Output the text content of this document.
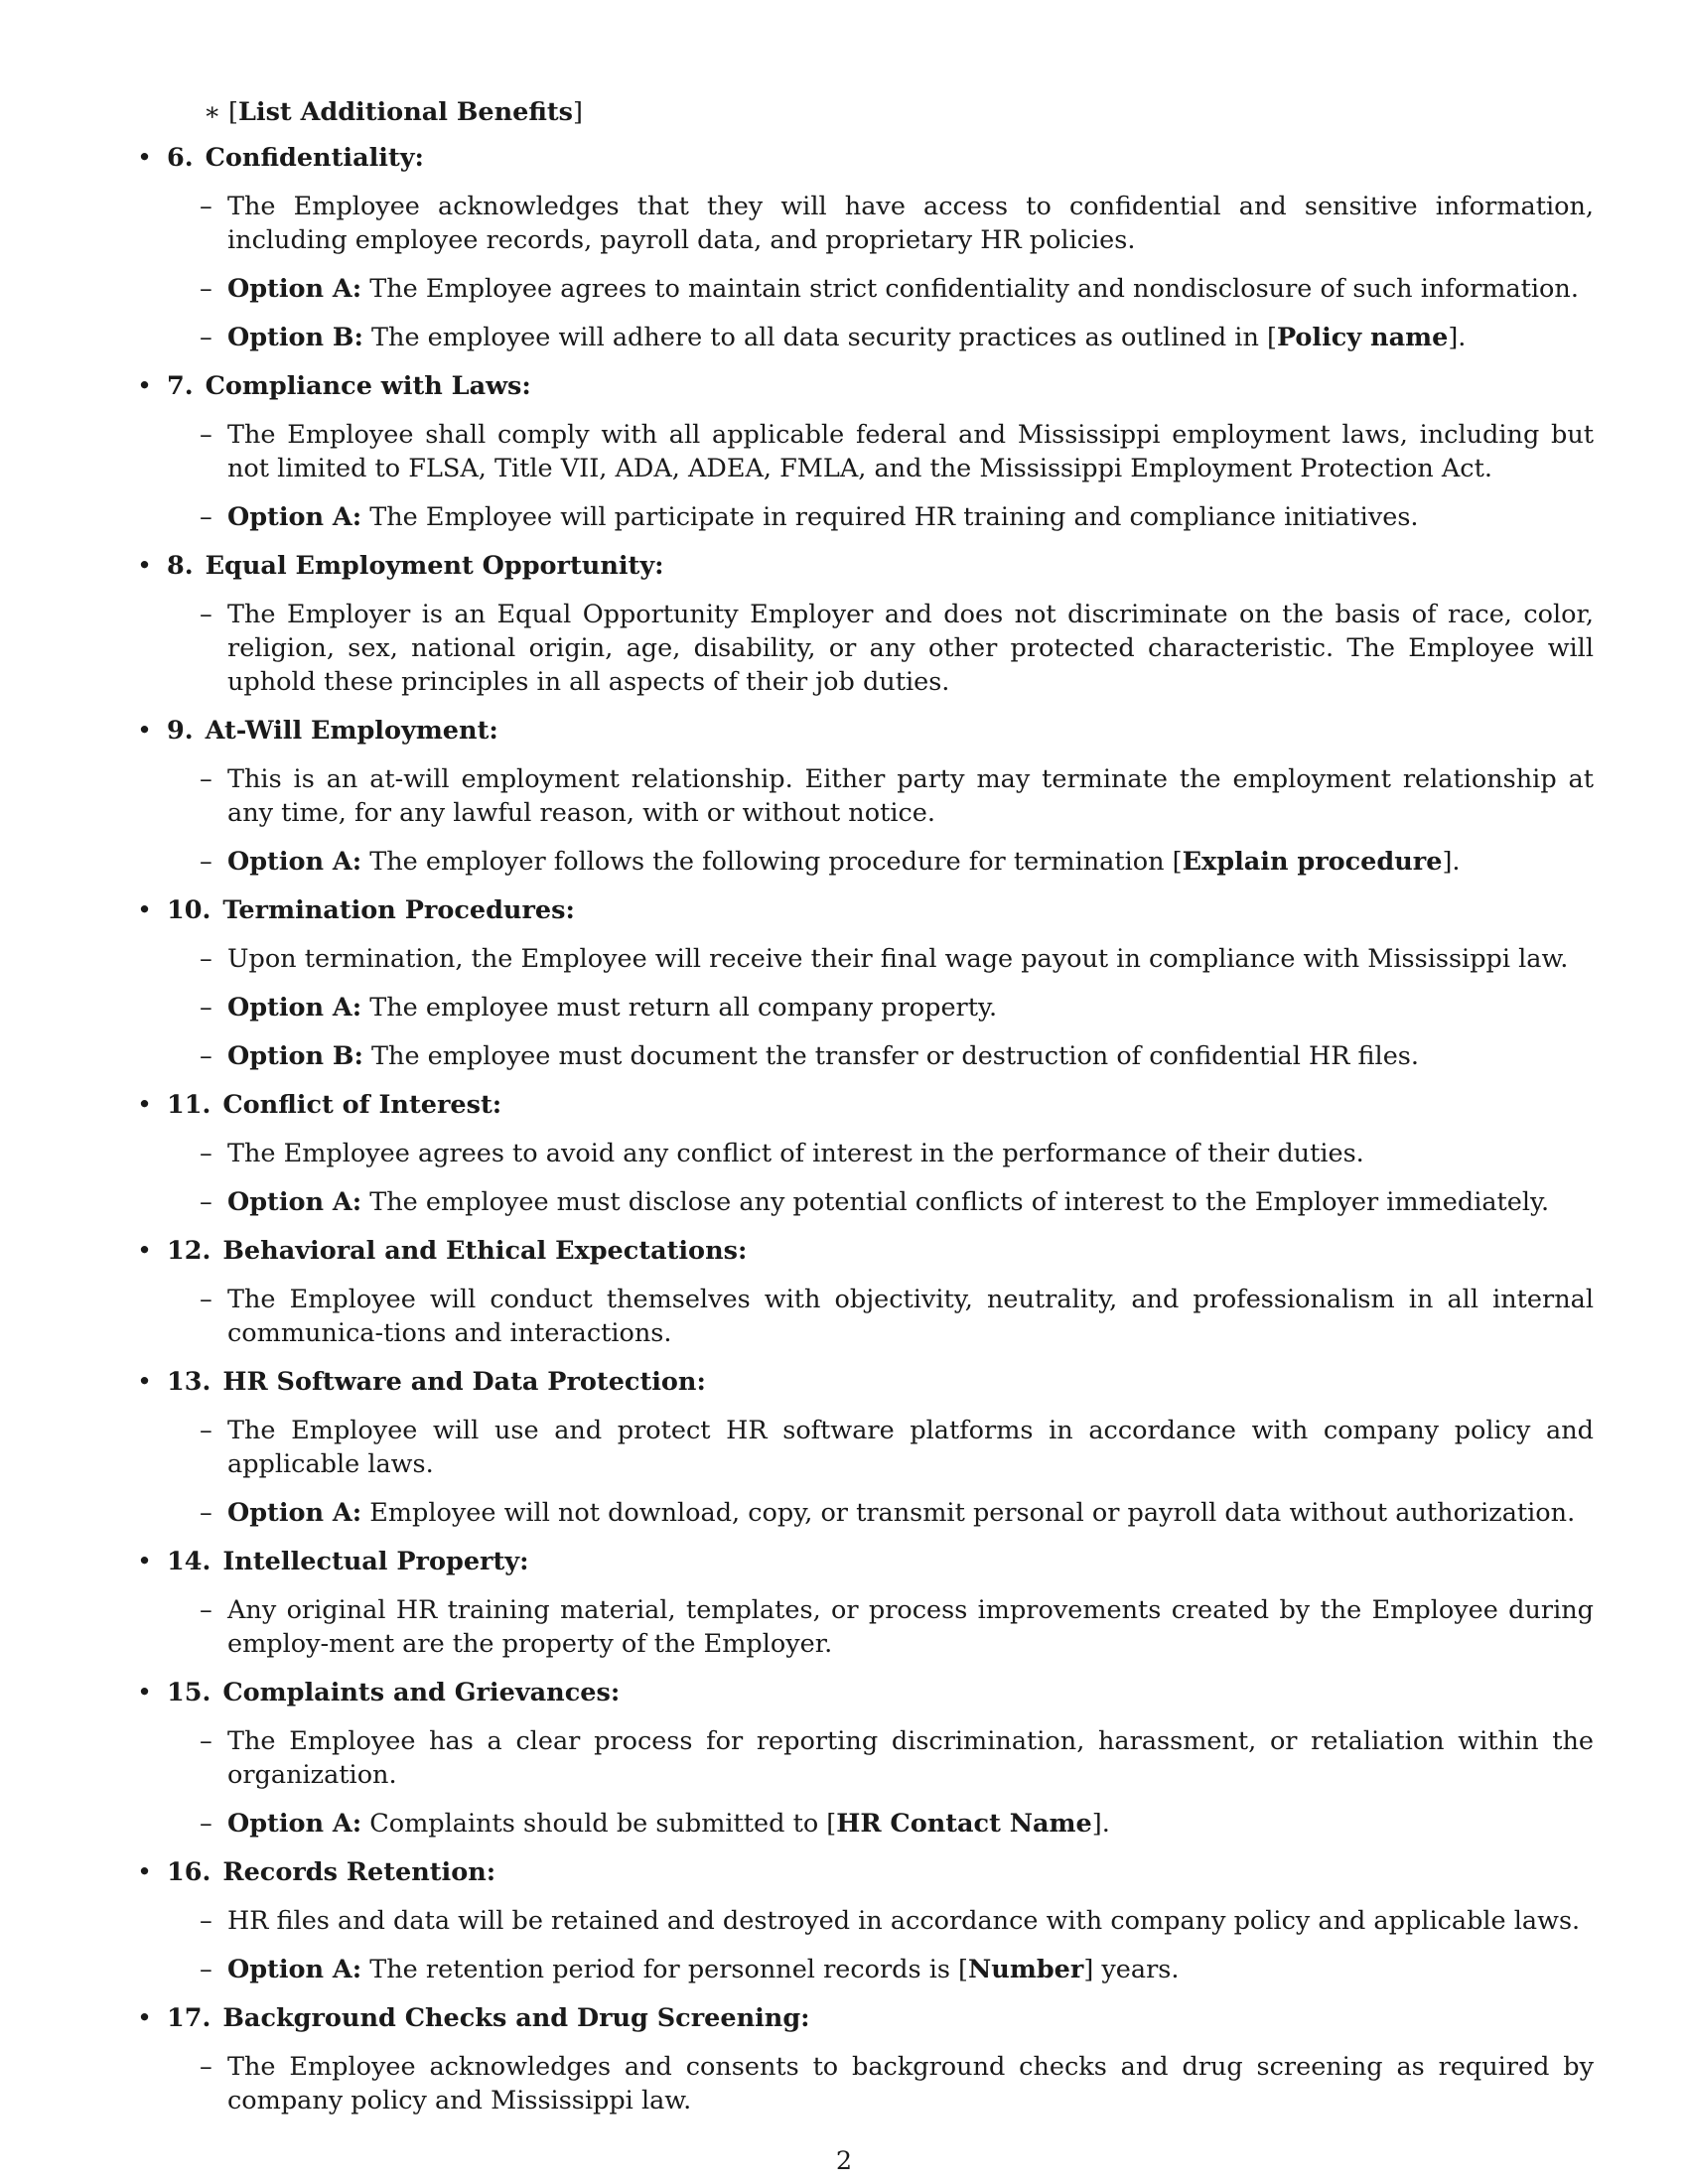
∗ [List Additional Benefits]
• 6. Confidentiality:
– The Employee acknowledges that they will have access to confidential and sensitive information, including employee records, payroll data, and proprietary HR policies.
– Option A: The Employee agrees to maintain strict confidentiality and nondisclosure of such information.
– Option B: The employee will adhere to all data security practices as outlined in [Policy name].
• 7. Compliance with Laws:
– The Employee shall comply with all applicable federal and Mississippi employment laws, including but not limited to FLSA, Title VII, ADA, ADEA, FMLA, and the Mississippi Employment Protection Act.
– Option A: The Employee will participate in required HR training and compliance initiatives.
• 8. Equal Employment Opportunity:
– The Employer is an Equal Opportunity Employer and does not discriminate on the basis of race, color, religion, sex, national origin, age, disability, or any other protected characteristic. The Employee will uphold these principles in all aspects of their job duties.
• 9. At-Will Employment:
– This is an at-will employment relationship. Either party may terminate the employment relationship at any time, for any lawful reason, with or without notice.
– Option A: The employer follows the following procedure for termination [Explain procedure].
• 10. Termination Procedures:
– Upon termination, the Employee will receive their final wage payout in compliance with Mississippi law.
– Option A: The employee must return all company property.
– Option B: The employee must document the transfer or destruction of confidential HR files.
• 11. Conflict of Interest:
– The Employee agrees to avoid any conflict of interest in the performance of their duties.
– Option A: The employee must disclose any potential conflicts of interest to the Employer immediately.
• 12. Behavioral and Ethical Expectations:
– The Employee will conduct themselves with objectivity, neutrality, and professionalism in all internal communica-tions and interactions.
• 13. HR Software and Data Protection:
– The Employee will use and protect HR software platforms in accordance with company policy and applicable laws.
– Option A: Employee will not download, copy, or transmit personal or payroll data without authorization.
• 14. Intellectual Property:
– Any original HR training material, templates, or process improvements created by the Employee during employ-ment are the property of the Employer.
• 15. Complaints and Grievances:
– The Employee has a clear process for reporting discrimination, harassment, or retaliation within the organization.
– Option A: Complaints should be submitted to [HR Contact Name].
• 16. Records Retention:
– HR files and data will be retained and destroyed in accordance with company policy and applicable laws.
– Option A: The retention period for personnel records is [Number] years.
• 17. Background Checks and Drug Screening:
– The Employee acknowledges and consents to background checks and drug screening as required by company policy and Mississippi law.
2
